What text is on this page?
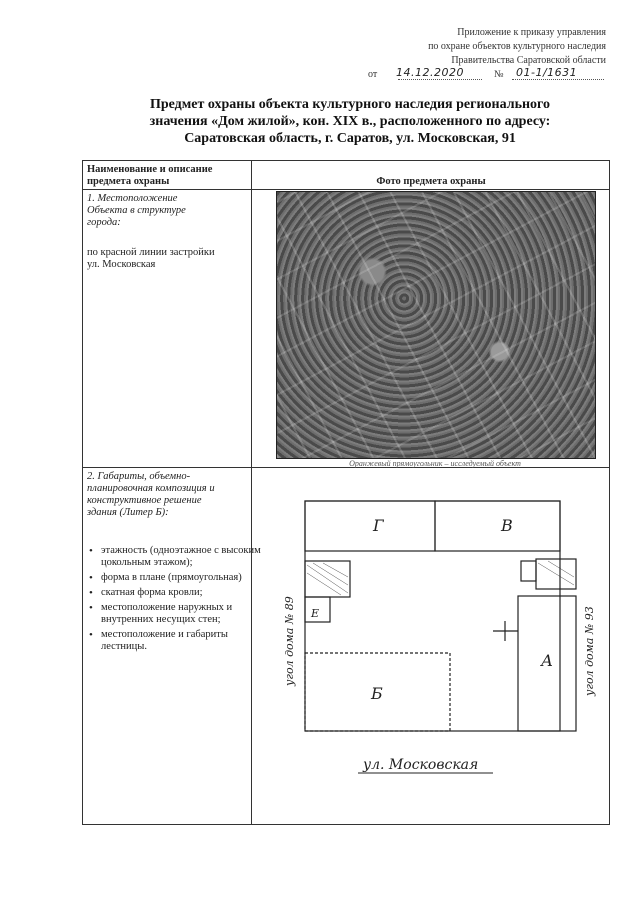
Приложение к приказу управления
по охране объектов культурного наследия
Правительства Саратовской области
от 14.12.2020	№ 01-1/1631
Предмет охраны объекта культурного наследия регионального
значения «Дом жилой», кон. XIX в., расположенного по адресу:
Саратовская область, г. Саратов, ул. Московская, 91
Наименование и описание
предмета охраны	Фото предмета охраны
1. Местоположение
Объекта в структуре
города:
по красной линии застройки
ул. Московская
Оранжевый прямоугольник – исследуемый объект
2. Габариты, объемно-
планировочная композиция и
конструктивное решение
здания (Литер Б):
• этажность (одноэтажное с высоким цокольным этажом);
• форма в плане (прямоугольная)
• скатная форма кровли;
• местоположение наружных и внутренних несущих стен;
• местоположение и габариты лестницы.
Г	В
А
Б
Е
угол дома № 89	угол дома № 93
ул. Московская
